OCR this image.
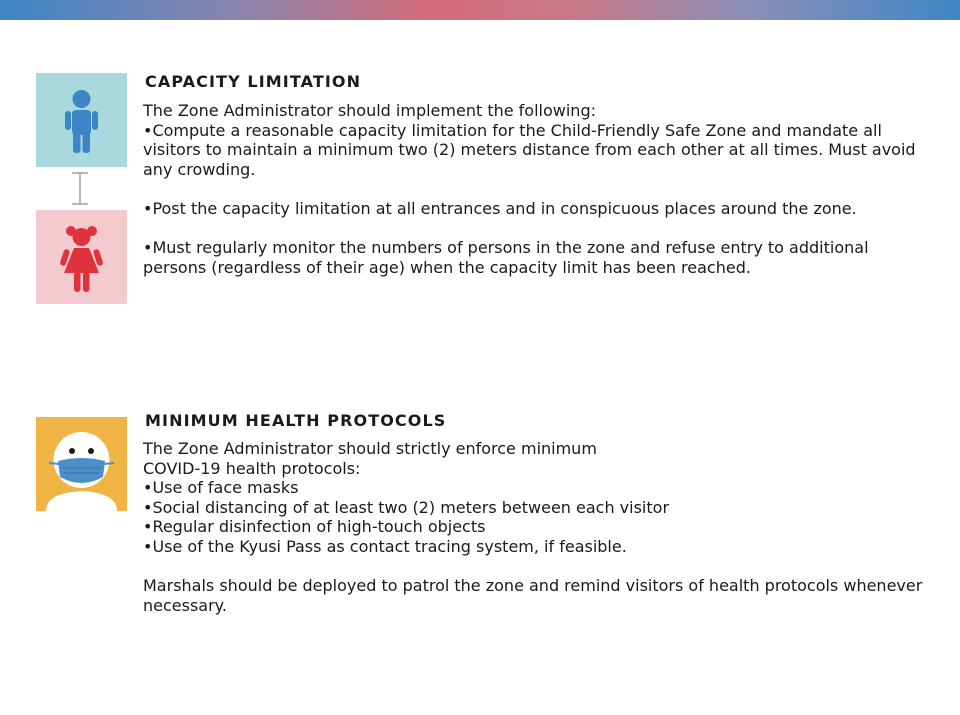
CAPACITY LIMITATION

The Zone Administrator should implement the following:

•Compute a reasonable capacity limitation for the Child-Friendly Safe Zone and mandate all visitors to maintain a minimum two (2) meters distance from each other at all times. Must avoid any crowding.

•Post the capacity limitation at all entrances and in conspicuous places around the zone.

•Must regularly monitor the numbers of persons in the zone and refuse entry to additional persons (regardless of their age) when the capacity limit has been reached.

MINIMUM HEALTH PROTOCOLS

The Zone Administrator should strictly enforce minimum

COVID-19 health protocols:

•Use of face masks

•Social distancing of at least two (2) meters between each visitor

•Regular disinfection of high-touch objects

•Use of the Kyusi Pass as contact tracing system, if feasible.

Marshals should be deployed to patrol the zone and remind visitors of health protocols whenever necessary.
